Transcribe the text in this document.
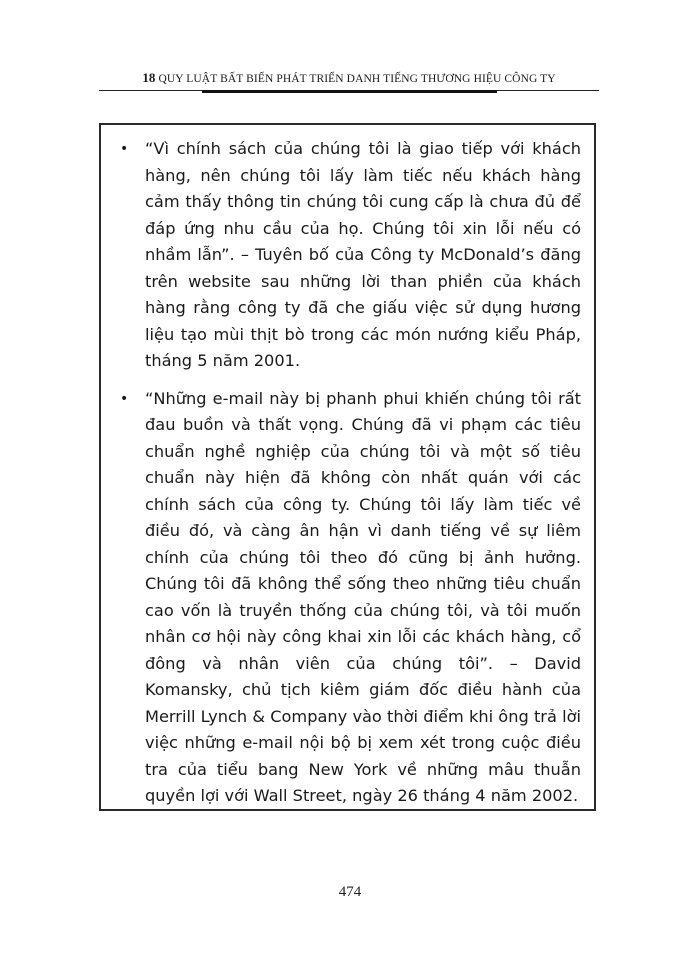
18 QUY LUẬT BẤT BIẾN PHÁT TRIỂN DANH TIẾNG THƯƠNG HIỆU CÔNG TY
• “Vì chính sách của chúng tôi là giao tiếp với khách hàng, nên chúng tôi lấy làm tiếc nếu khách hàng cảm thấy thông tin chúng tôi cung cấp là chưa đủ để đáp ứng nhu cầu của họ. Chúng tôi xin lỗi nếu có nhầm lẫn”. – Tuyên bố của Công ty McDonald’s đăng trên website sau những lời than phiền của khách hàng rằng công ty đã che giấu việc sử dụng hương liệu tạo mùi thịt bò trong các món nướng kiểu Pháp, tháng 5 năm 2001.
• “Những e-mail này bị phanh phui khiến chúng tôi rất đau buồn và thất vọng. Chúng đã vi phạm các tiêu chuẩn nghề nghiệp của chúng tôi và một số tiêu chuẩn này hiện đã không còn nhất quán với các chính sách của công ty. Chúng tôi lấy làm tiếc về điều đó, và càng ân hận vì danh tiếng về sự liêm chính của chúng tôi theo đó cũng bị ảnh hưởng. Chúng tôi đã không thể sống theo những tiêu chuẩn cao vốn là truyền thống của chúng tôi, và tôi muốn nhân cơ hội này công khai xin lỗi các khách hàng, cổ đông và nhân viên của chúng tôi”. – David Komansky, chủ tịch kiêm giám đốc điều hành của Merrill Lynch & Company vào thời điểm khi ông trả lời việc những e-mail nội bộ bị xem xét trong cuộc điều tra của tiểu bang New York về những mâu thuẫn quyền lợi với Wall Street, ngày 26 tháng 4 năm 2002.
474
